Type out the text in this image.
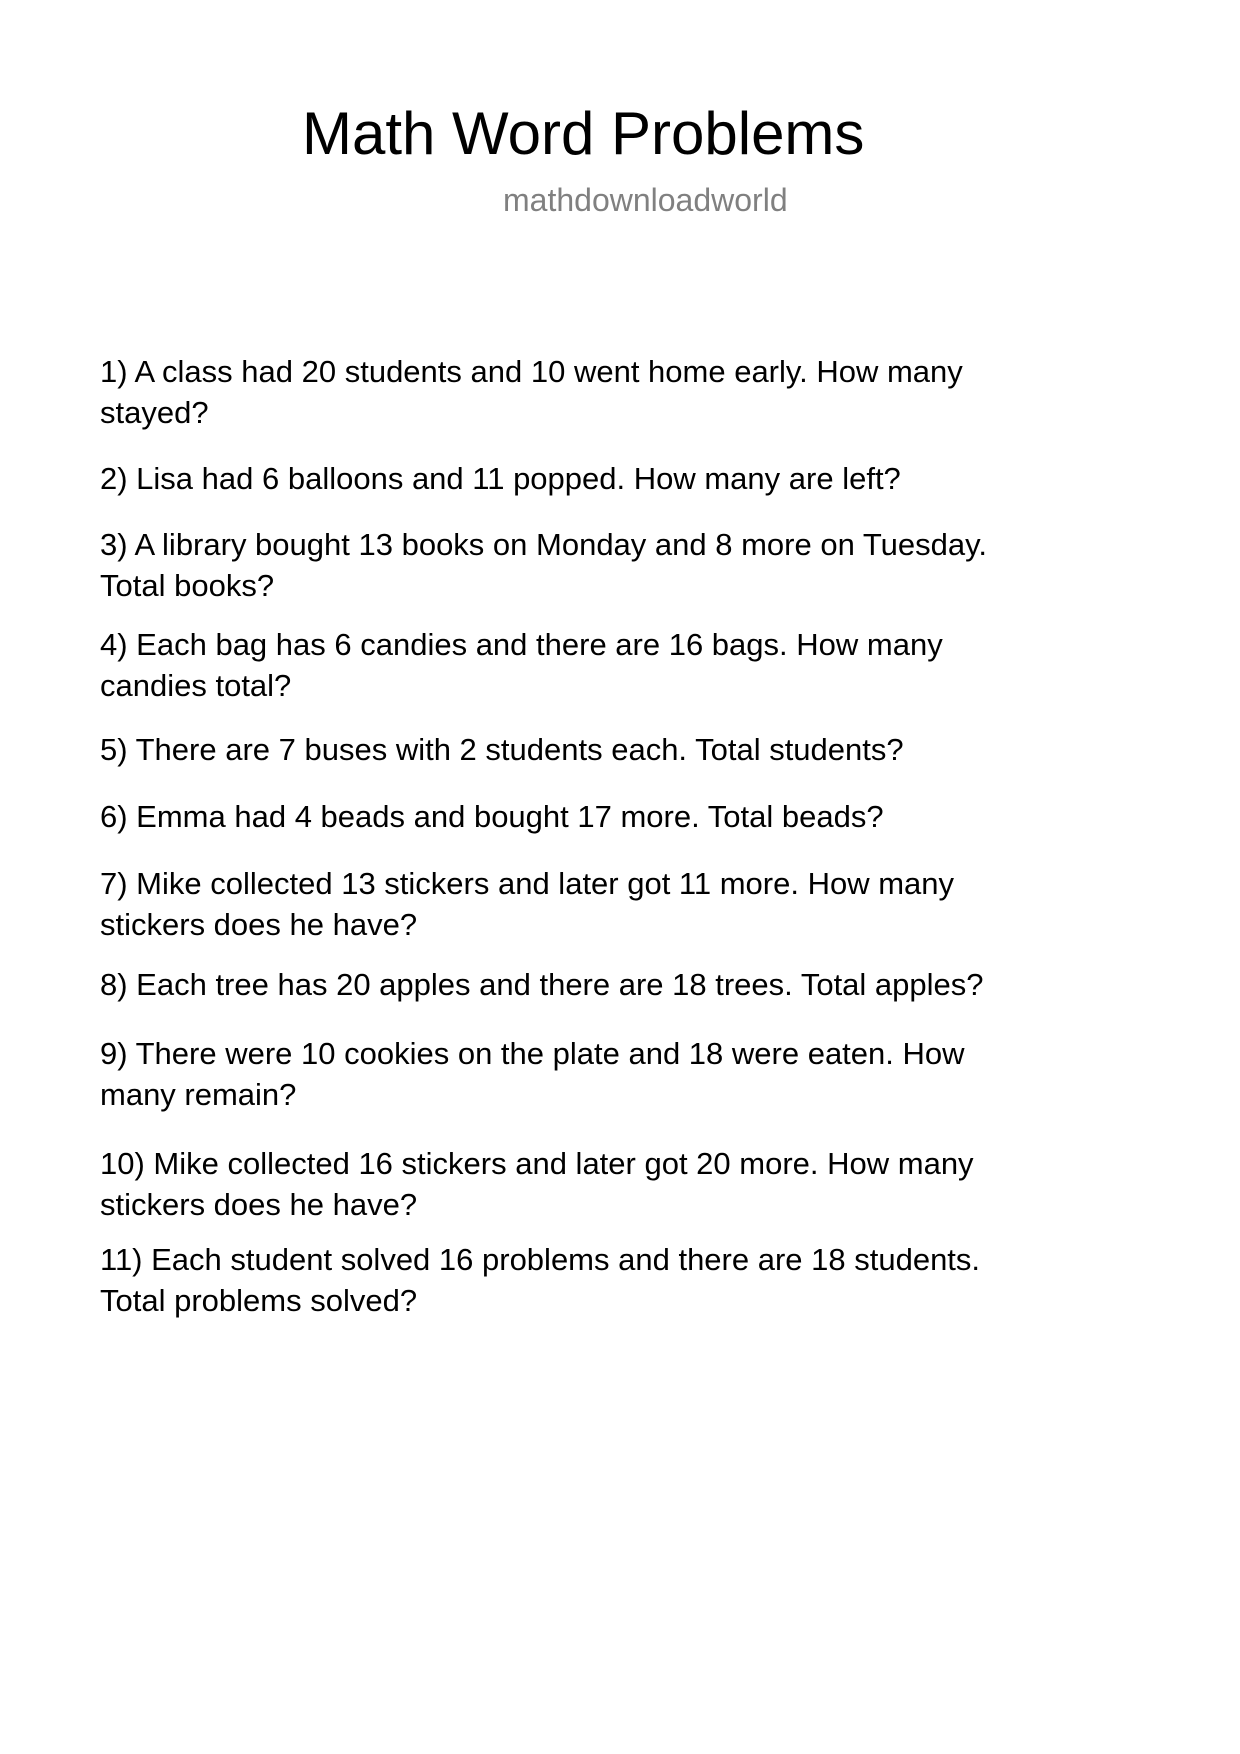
Math Word Problems
mathdownloadworld

1) A class had 20 students and 10 went home early. How many
stayed?

2) Lisa had 6 balloons and 11 popped. How many are left?

3) A library bought 13 books on Monday and 8 more on Tuesday.
Total books?

4) Each bag has 6 candies and there are 16 bags. How many
candies total?

5) There are 7 buses with 2 students each. Total students?

6) Emma had 4 beads and bought 17 more. Total beads?

7) Mike collected 13 stickers and later got 11 more. How many
stickers does he have?

8) Each tree has 20 apples and there are 18 trees. Total apples?

9) There were 10 cookies on the plate and 18 were eaten. How
many remain?

10) Mike collected 16 stickers and later got 20 more. How many
stickers does he have?

11) Each student solved 16 problems and there are 18 students.
Total problems solved?
